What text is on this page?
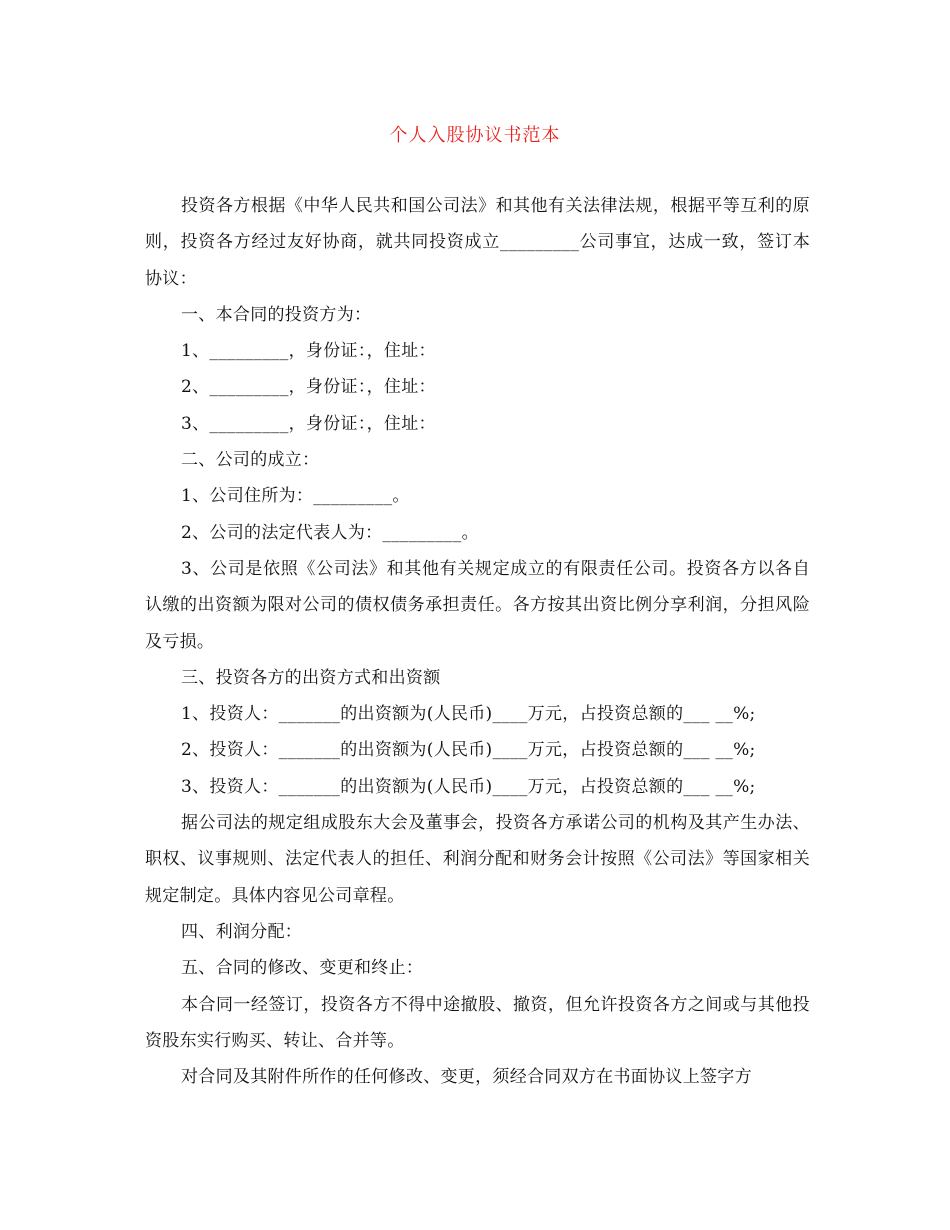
个人入股协议书范本

投资各方根据《中华人民共和国公司法》和其他有关法律法规，根据平等互利的原则，投资各方经过友好协商，就共同投资成立_________公司事宜，达成一致，签订本协议：

一、本合同的投资方为：

1、_________，身份证：，住址：

2、_________，身份证：，住址：

3、_________，身份证：，住址：

二、公司的成立：

1、公司住所为：_________。

2、公司的法定代表人为：_________。

3、公司是依照《公司法》和其他有关规定成立的有限责任公司。投资各方以各自认缴的出资额为限对公司的债权债务承担责任。各方按其出资比例分享利润，分担风险及亏损。

三、投资各方的出资方式和出资额

1、投资人：_______的出资额为(人民币)____万元，占投资总额的___ __%;

2、投资人：_______的出资额为(人民币)____万元，占投资总额的___ __%;

3、投资人：_______的出资额为(人民币)____万元，占投资总额的___ __%;

据公司法的规定组成股东大会及董事会，投资各方承诺公司的机构及其产生办法、职权、议事规则、法定代表人的担任、利润分配和财务会计按照《公司法》等国家相关规定制定。具体内容见公司章程。

四、利润分配：

五、合同的修改、变更和终止：

本合同一经签订，投资各方不得中途撤股、撤资，但允许投资各方之间或与其他投资股东实行购买、转让、合并等。

对合同及其附件所作的任何修改、变更，须经合同双方在书面协议上签字方
